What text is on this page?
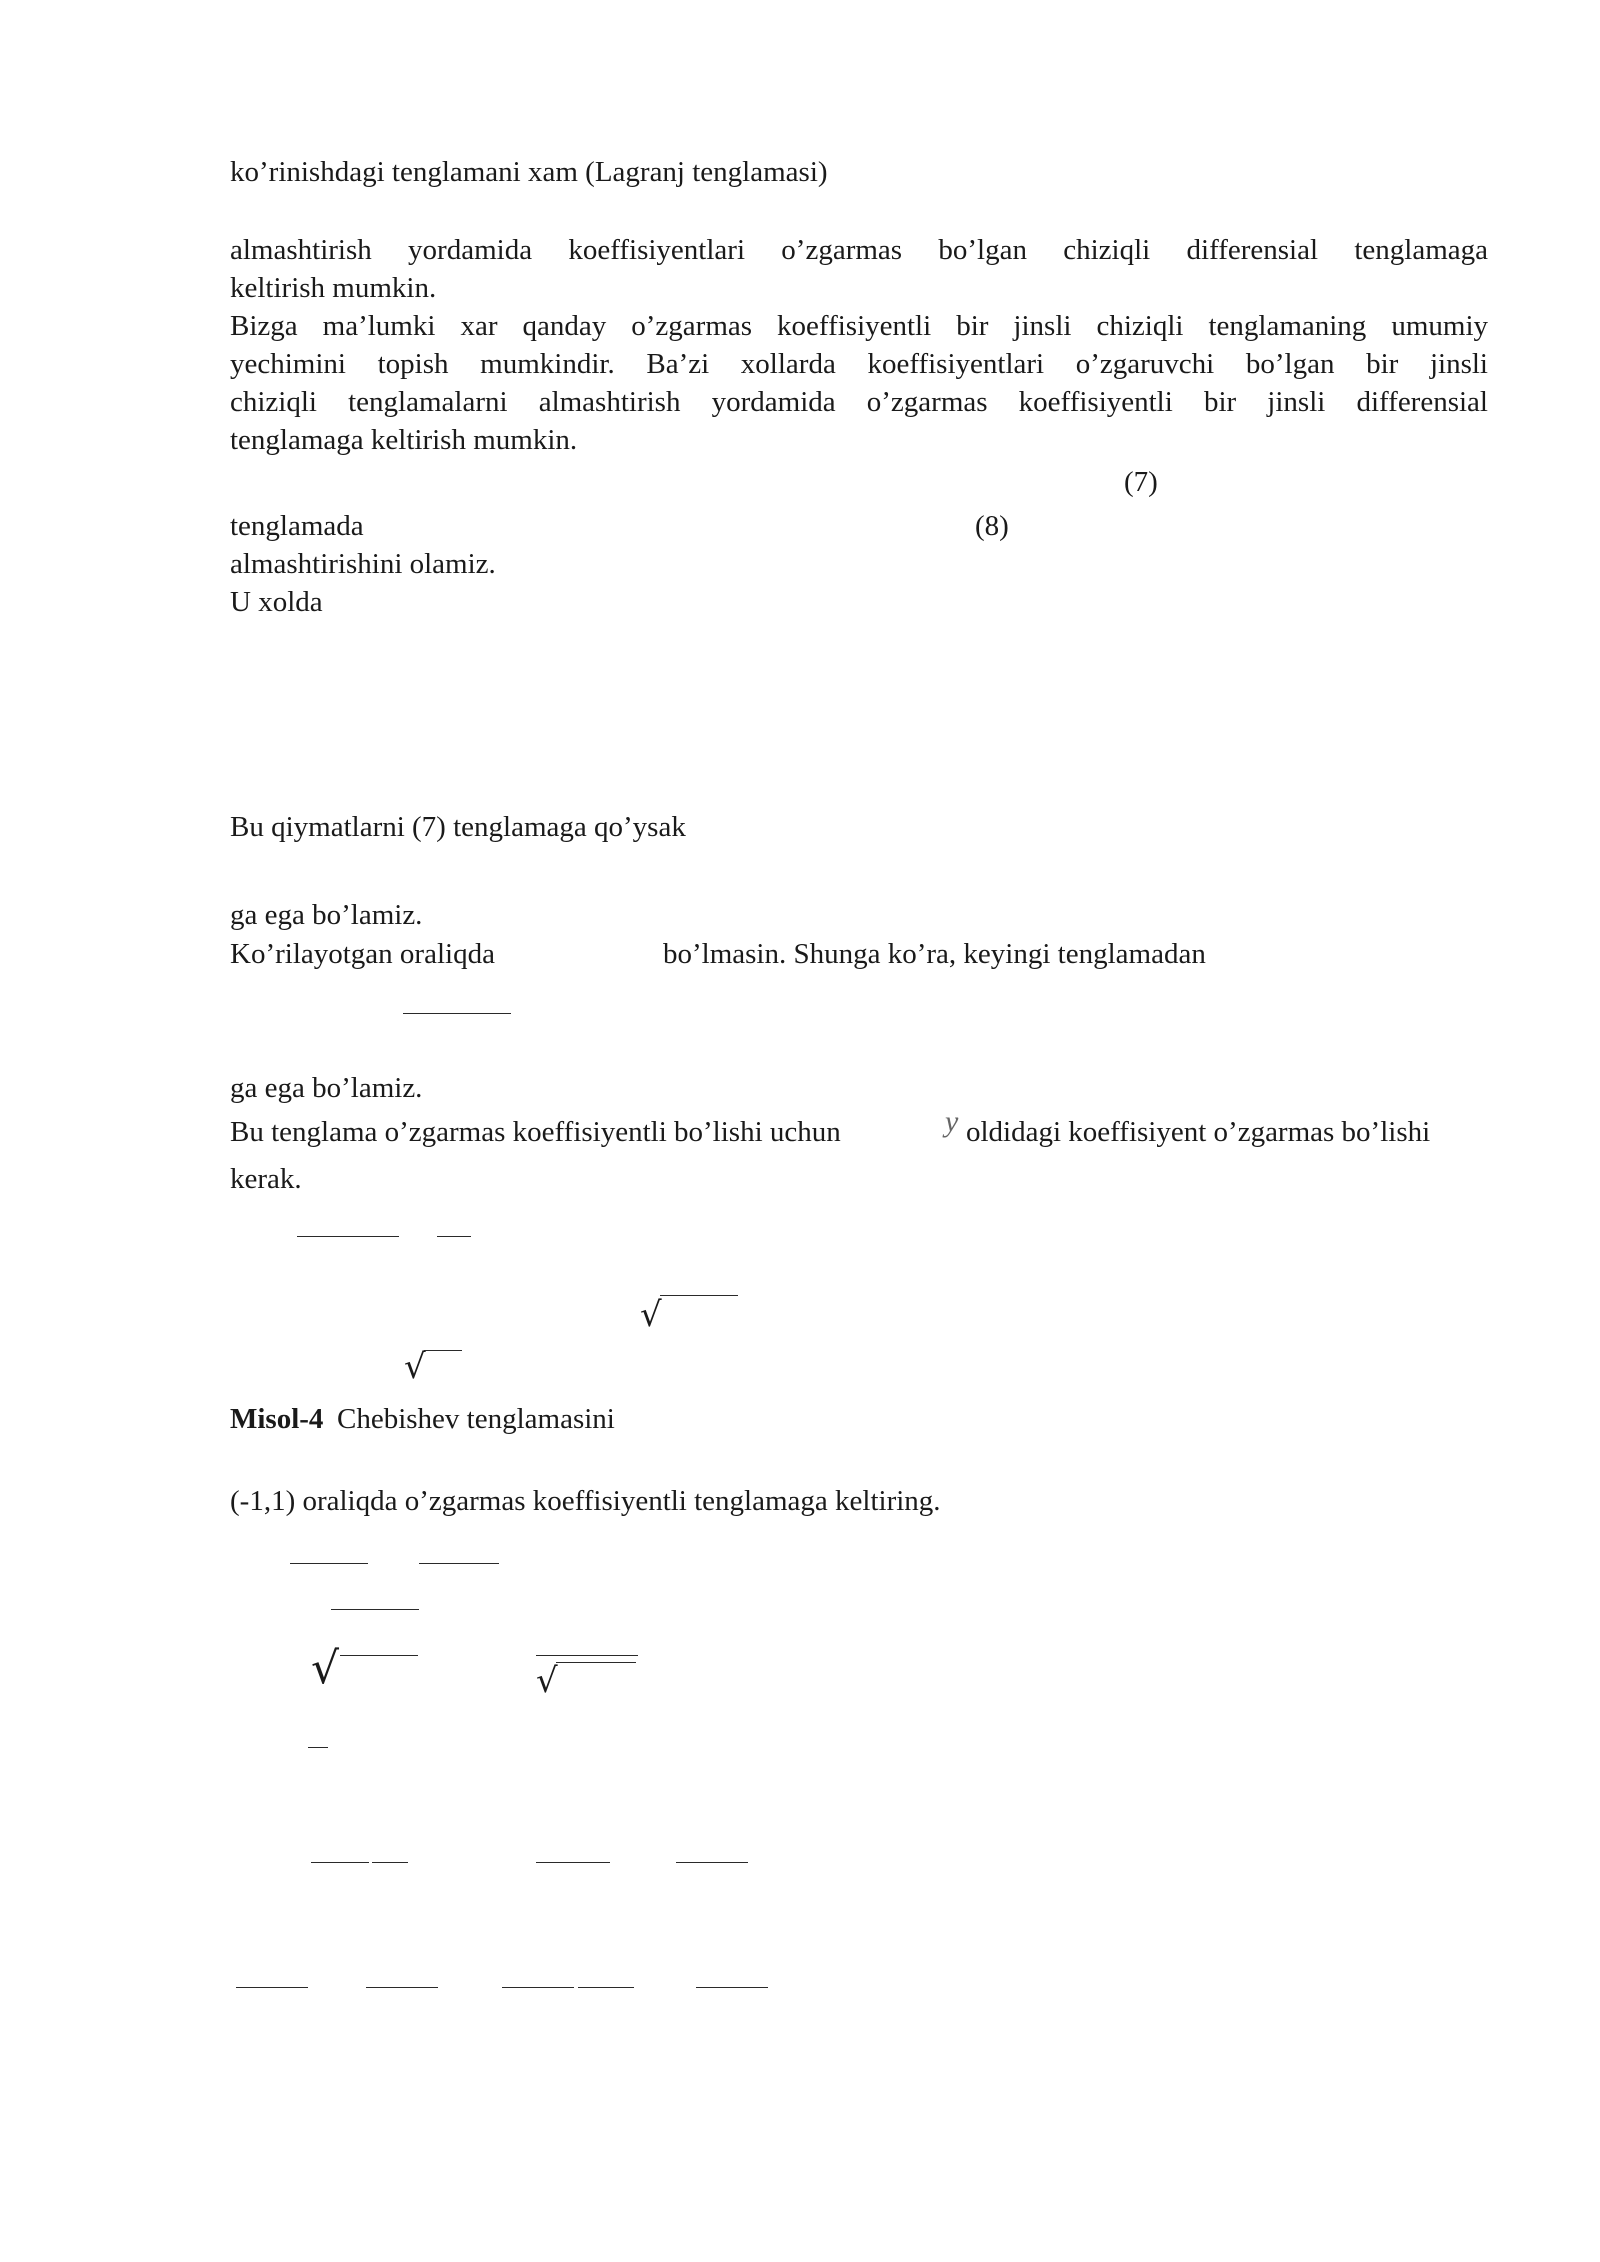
ko’rinishdagi tenglamani xam (Lagranj tenglamasi)
almashtirish yordamida koeffisiyentlari o’zgarmas bo’lgan chiziqli differensial tenglamaga
keltirish mumkin.
Bizga ma’lumki xar qanday o’zgarmas koeffisiyentli bir jinsli chiziqli tenglamaning umumiy
yechimini topish mumkindir. Ba’zi xollarda koeffisiyentlari o’zgaruvchi bo’lgan bir jinsli
chiziqli tenglamalarni almashtirish yordamida o’zgarmas koeffisiyentli bir jinsli differensial
tenglamaga keltirish mumkin.
(7)
tenglamada	(8)
almashtirishini olamiz.
U xolda
Bu qiymatlarni (7) tenglamaga qo’ysak
ga ega bo’lamiz.
Ko’rilayotgan oraliqda	bo’lmasin. Shunga ko’ra, keyingi tenglamadan
ga ega bo’lamiz.
Bu tenglama o’zgarmas koeffisiyentli bo’lishi uchun	y oldidagi koeffisiyent o’zgarmas bo’lishi
kerak.
√
√
Misol-4 Chebishev tenglamasini
(-1,1) oraliqda o’zgarmas koeffisiyentli tenglamaga keltiring.
√	√
